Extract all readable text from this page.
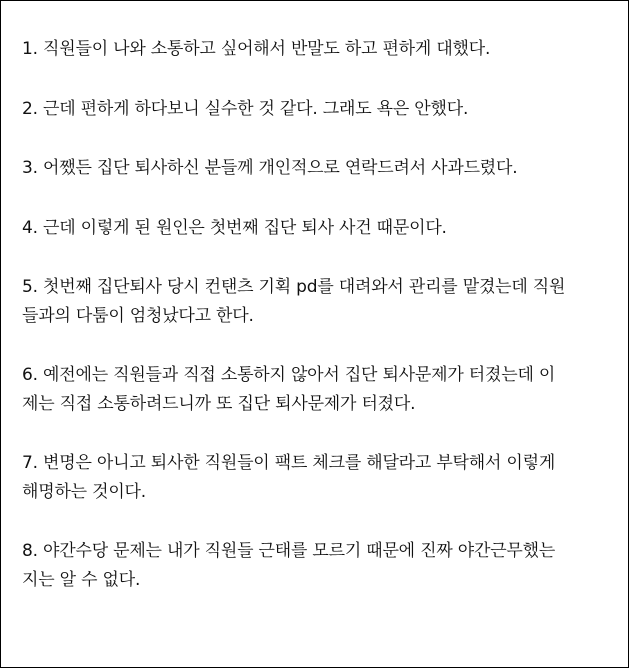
1. 직원들이 나와 소통하고 싶어해서 반말도 하고 편하게 대했다.
2. 근데 편하게 하다보니 실수한 것 같다. 그래도 욕은 안했다.
3. 어쨌든 집단 퇴사하신 분들께 개인적으로 연락드려서 사과드렸다.
4. 근데 이렇게 된 원인은 첫번째 집단 퇴사 사건 때문이다.
5. 첫번째 집단퇴사 당시 컨탠츠 기획 pd를 대려와서 관리를 맡겼는데 직원
들과의 다툼이 엄청났다고 한다.
6. 예전에는 직원들과 직접 소통하지 않아서 집단 퇴사문제가 터졌는데 이
제는 직접 소통하려드니까 또 집단 퇴사문제가 터졌다.
7. 변명은 아니고 퇴사한 직원들이 팩트 체크를 해달라고 부탁해서 이렇게
해명하는 것이다.
8. 야간수당 문제는 내가 직원들 근태를 모르기 때문에 진짜 야간근무했는
지는 알 수 없다.
